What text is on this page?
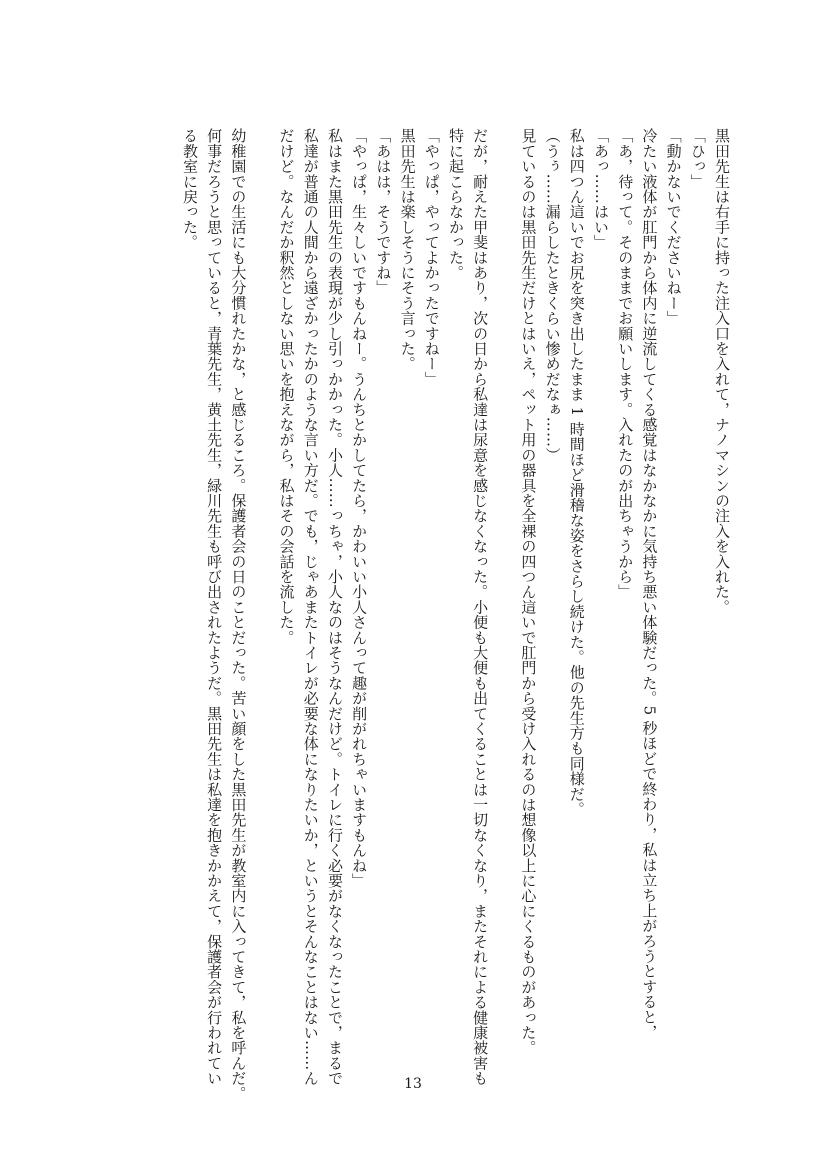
黒田先生は右手に持った注入口を入れて，ナノマシンの注入を入れた。
「ひっ」
「動かないでくださいねー」
冷たい液体が肛門から体内に逆流してくる感覚はなかなかに気持ち悪い体験だった。5 秒ほどで終わり，私は立ち上がろうとすると，
「あ，待って。そのままでお願いします。入れたのが出ちゃうから」
「あっ……はい」
私は四つん這いでお尻を突き出したまま 1 時間ほど滑稽な姿をさらし続けた。他の先生方も同様だ。
（うぅ……漏らしたときくらい惨めだなぁ……）
見ているのは黒田先生だけとはいえ，ペット用の器具を全裸の四つん這いで肛門から受け入れるのは想像以上に心にくるものがあった。
だが，耐えた甲斐はあり，次の日から私達は尿意を感じなくなった。小便も大便も出てくることは一切なくなり，またそれによる健康被害も
特に起こらなかった。
「やっぱ，やってよかったですねー」
黒田先生は楽しそうにそう言った。
「あはは，そうですね」
「やっぱ，生々しいですもんねー。うんちとかしてたら，かわいい小人さんって趣が削がれちゃいますもんね」
私はまた黒田先生の表現が少し引っかかった。小人……っちゃ，小人なのはそうなんだけど。トイレに行く必要がなくなったことで，まるで
私達が普通の人間から遠ざかったかのような言い方だ。でも，じゃあまたトイレが必要な体になりたいか，というとそんなことはない……ん
だけど。なんだか釈然としない思いを抱えながら，私はその会話を流した。
幼稚園での生活にも大分慣れたかな，と感じるころ。保護者会の日のことだった。苦い顔をした黒田先生が教室内に入ってきて，私を呼んだ。
何事だろうと思っていると，青葉先生，黄土先生，緑川先生も呼び出されたようだ。黒田先生は私達を抱きかかえて，保護者会が行われてい
る教室に戻った。
13
